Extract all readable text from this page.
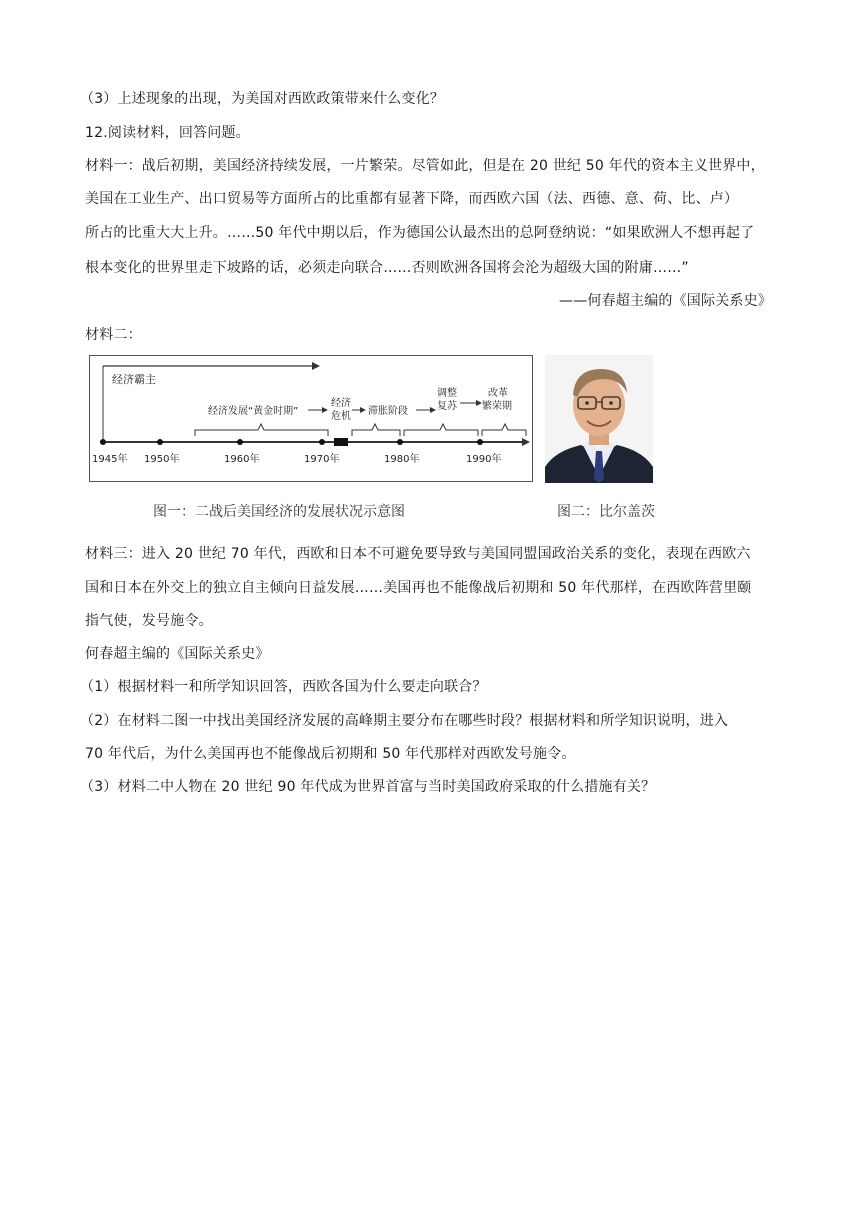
（3）上述现象的出现，为美国对西欧政策带来什么变化？
12.阅读材料，回答问题。
材料一：战后初期，美国经济持续发展，一片繁荣。尽管如此，但是在 20 世纪 50 年代的资本主义世界中，
美国在工业生产、出口贸易等方面所占的比重都有显著下降，而西欧六国（法、西德、意、荷、比、卢）
所占的比重大大上升。……50 年代中期以后，作为德国公认最杰出的总阿登纳说：“如果欧洲人不想再起了
根本变化的世界里走下坡路的话，必须走向联合……否则欧洲各国将会沦为超级大国的附庸……”
——何春超主编的《国际关系史》
材料二：
经济霸主
经济发展“黄金时期”
经济
危机 滞胀阶段
调整
复苏
改革
繁荣期
1945年 1950年	1960年	1970年	1980年	1990年
图一：二战后美国经济的发展状况示意图	图二：比尔盖茨
材料三：进入 20 世纪 70 年代，西欧和日本不可避免要导致与美国同盟国政治关系的变化，表现在西欧六
国和日本在外交上的独立自主倾向日益发展……美国再也不能像战后初期和 50 年代那样，在西欧阵营里颐
指气使，发号施令。
何春超主编的《国际关系史》
（1）根据材料一和所学知识回答，西欧各国为什么要走向联合？
（2）在材料二图一中找出美国经济发展的高峰期主要分布在哪些时段？根据材料和所学知识说明，进入
70 年代后，为什么美国再也不能像战后初期和 50 年代那样对西欧发号施令。
（3）材料二中人物在 20 世纪 90 年代成为世界首富与当时美国政府采取的什么措施有关？
